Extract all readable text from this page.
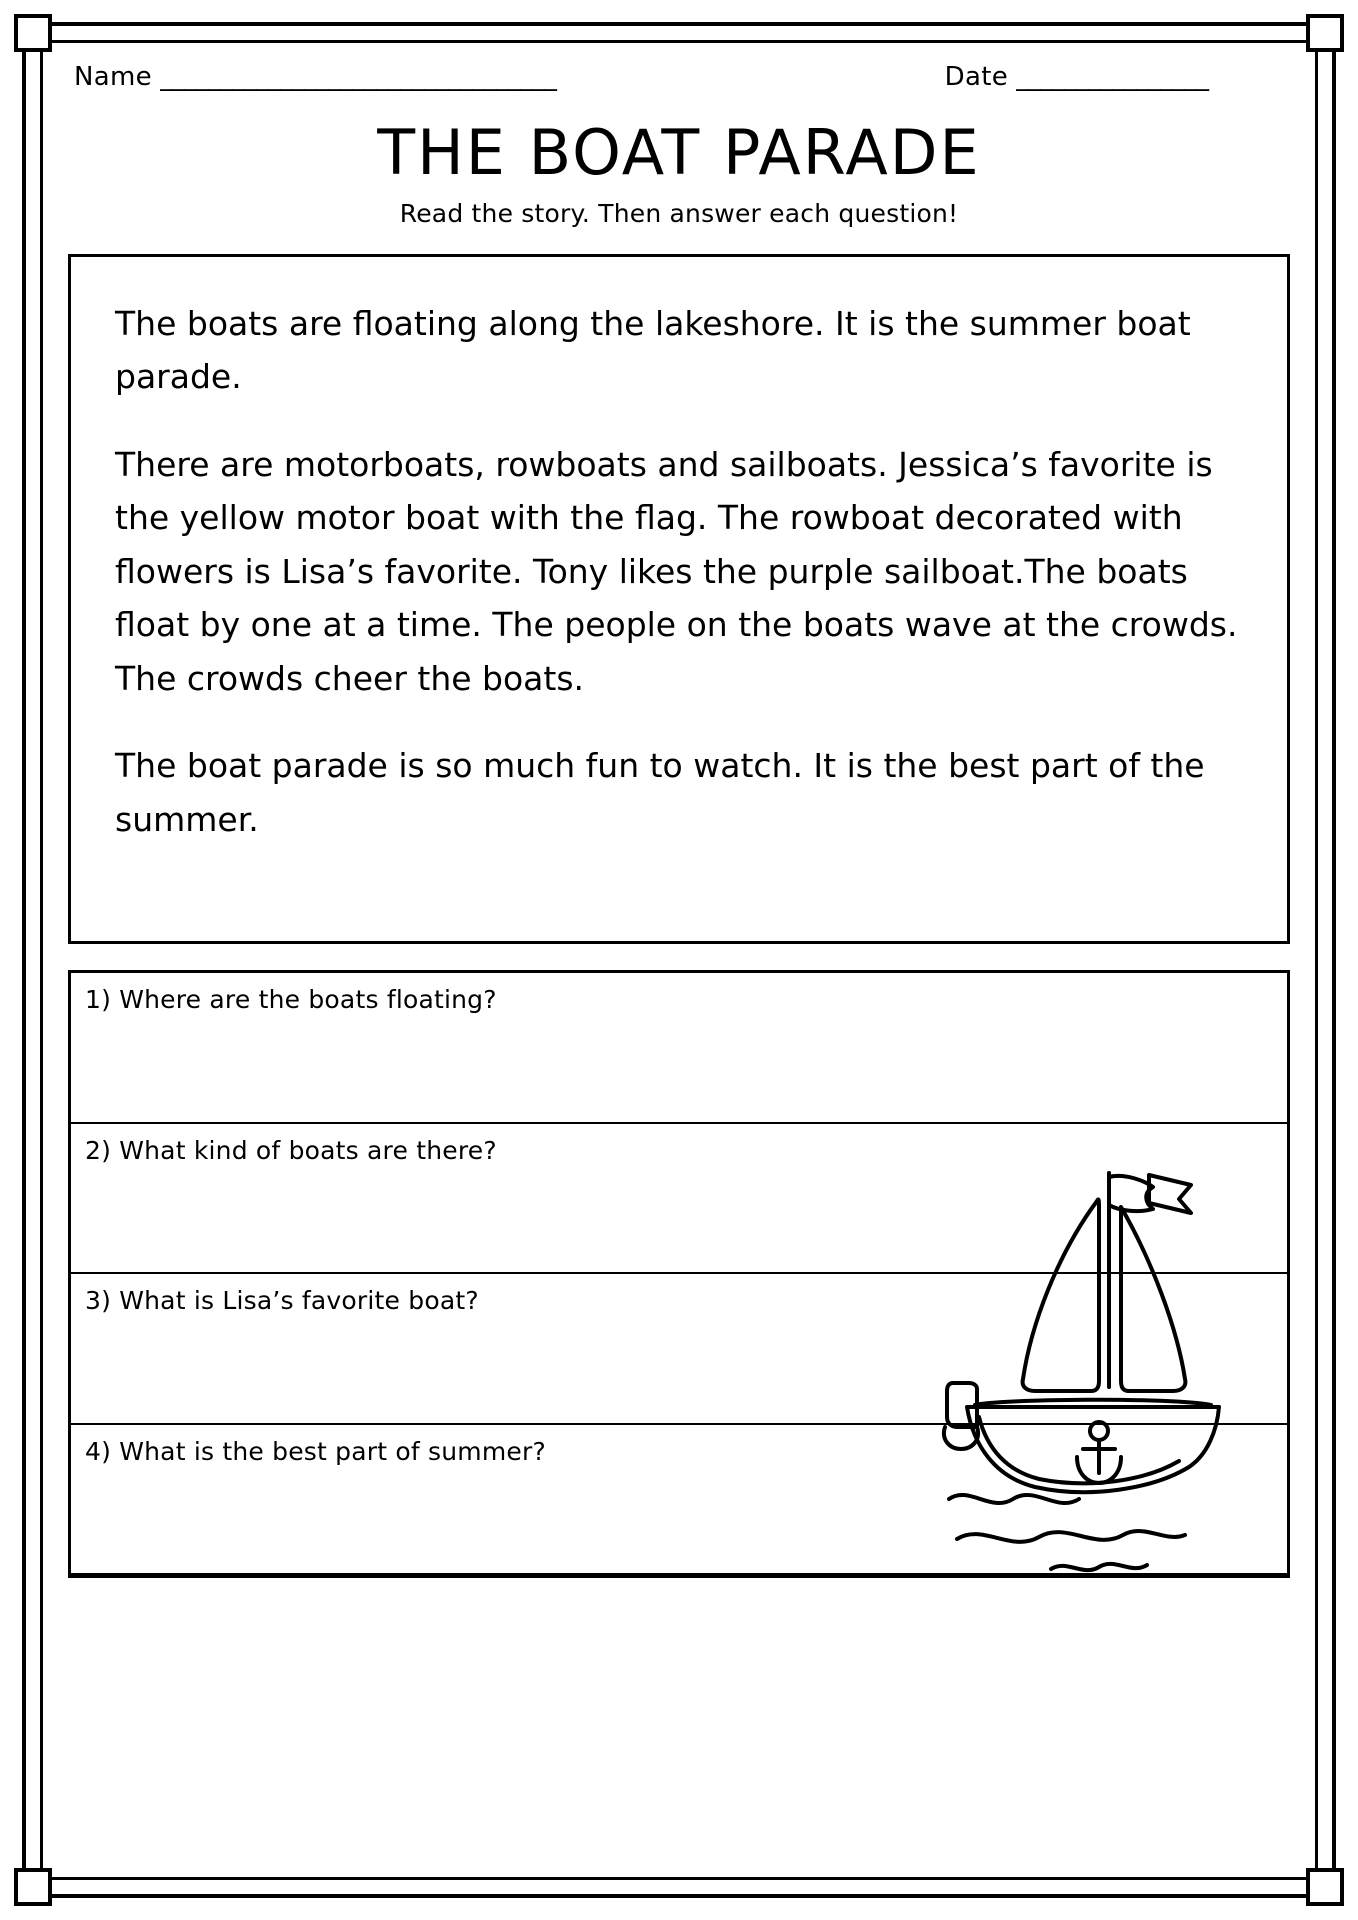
Name _________________________________	Date ________________
THE BOAT PARADE
Read the story. Then answer each question!

The boats are floating along the lakeshore. It is the summer boat parade.

There are motorboats, rowboats and sailboats. Jessica’s favorite is the yellow motor boat with the flag. The rowboat decorated with flowers is Lisa’s favorite. Tony likes the purple sailboat.The boats float by one at a time. The people on the boats wave at the crowds. The crowds cheer the boats.

The boat parade is so much fun to watch. It is the best part of the summer.

1) Where are the boats floating?
2) What kind of boats are there?
3) What is Lisa’s favorite boat?
4) What is the best part of summer?
